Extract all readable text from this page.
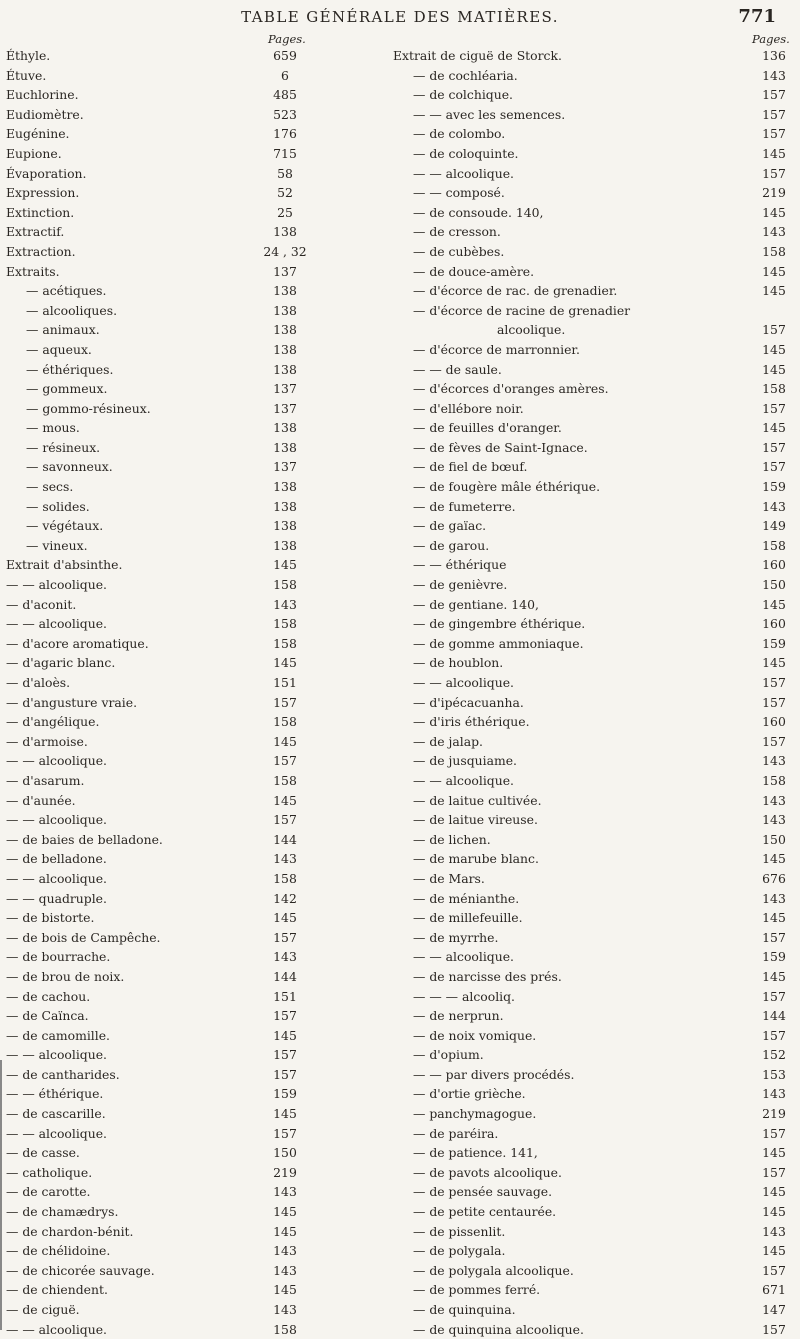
TABLE GÉNÉRALE DES MATIÈRES.	771
Pages.	Pages.
Éthyle.	659
Étuve.	6
Euchlorine.	485
Eudiomètre.	523
Eugénine.	176
Eupione.	715
Évaporation.	58
Expression.	52
Extinction.	25
Extractif.	138
Extraction.	24 , 32
Extraits.	137
— acétiques.	138
— alcooliques.	138
— animaux.	138
— aqueux.	138
— éthériques.	138
— gommeux.	137
— gommo-résineux.	137
— mous.	138
— résineux.	138
— savonneux.	137
— secs.	138
— solides.	138
— végétaux.	138
— vineux.	138
Extrait d'absinthe.	145
— — alcoolique.	158
— d'aconit.	143
— — alcoolique.	158
— d'acore aromatique.	158
— d'agaric blanc.	145
— d'aloès.	151
— d'angusture vraie.	157
— d'angélique.	158
— d'armoise.	145
— — alcoolique.	157
— d'asarum.	158
— d'aunée.	145
— — alcoolique.	157
— de baies de belladone.	144
— de belladone.	143
— — alcoolique.	158
— — quadruple.	142
— de bistorte.	145
— de bois de Campêche.	157
— de bourrache.	143
— de brou de noix.	144
— de cachou.	151
— de Caïnca.	157
— de camomille.	145
— — alcoolique.	157
— de cantharides.	157
— — éthérique.	159
— de cascarille.	145
— — alcoolique.	157
— de casse.	150
— catholique.	219
— de carotte.	143
— de chamædrys.	145
— de chardon-bénit.	145
— de chélidoine.	143
— de chicorée sauvage.	143
— de chiendent.	145
— de ciguë.	143
— — alcoolique.	158
Extrait de ciguë de Storck.	136
— de cochléaria.	143
— de colchique.	157
— — avec les semences.	157
— de colombo.	157
— de coloquinte.	145
— — alcoolique.	157
— — composé.	219
— de consoude. 140,	145
— de cresson.	143
— de cubèbes.	158
— de douce-amère.	145
— d'écorce de rac. de grenadier.	145
— d'écorce de racine de grenadier
alcoolique.	157
— d'écorce de marronnier.	145
— — de saule.	145
— d'écorces d'oranges amères.	158
— d'ellébore noir.	157
— de feuilles d'oranger.	145
— de fèves de Saint-Ignace.	157
— de fiel de bœuf.	157
— de fougère mâle éthérique.	159
— de fumeterre.	143
— de gaïac.	149
— de garou.	158
— — éthérique	160
— de genièvre.	150
— de gentiane. 140,	145
— de gingembre éthérique.	160
— de gomme ammoniaque.	159
— de houblon.	145
— — alcoolique.	157
— d'ipécacuanha.	157
— d'iris éthérique.	160
— de jalap.	157
— de jusquiame.	143
— — alcoolique.	158
— de laitue cultivée.	143
— de laitue vireuse.	143
— de lichen.	150
— de marube blanc.	145
— de Mars.	676
— de ménianthe.	143
— de millefeuille.	145
— de myrrhe.	157
— — alcoolique.	159
— de narcisse des prés.	145
— — — alcooliq.	157
— de nerprun.	144
— de noix vomique.	157
— d'opium.	152
— — par divers procédés.	153
— d'ortie grièche.	143
— panchymagogue.	219
— de paréira.	157
— de patience. 141,	145
— de pavots alcoolique.	157
— de pensée sauvage.	145
— de petite centaurée.	145
— de pissenlit.	143
— de polygala.	145
— de polygala alcoolique.	157
— de pommes ferré.	671
— de quinquina.	147
— de quinquina alcoolique.	157
